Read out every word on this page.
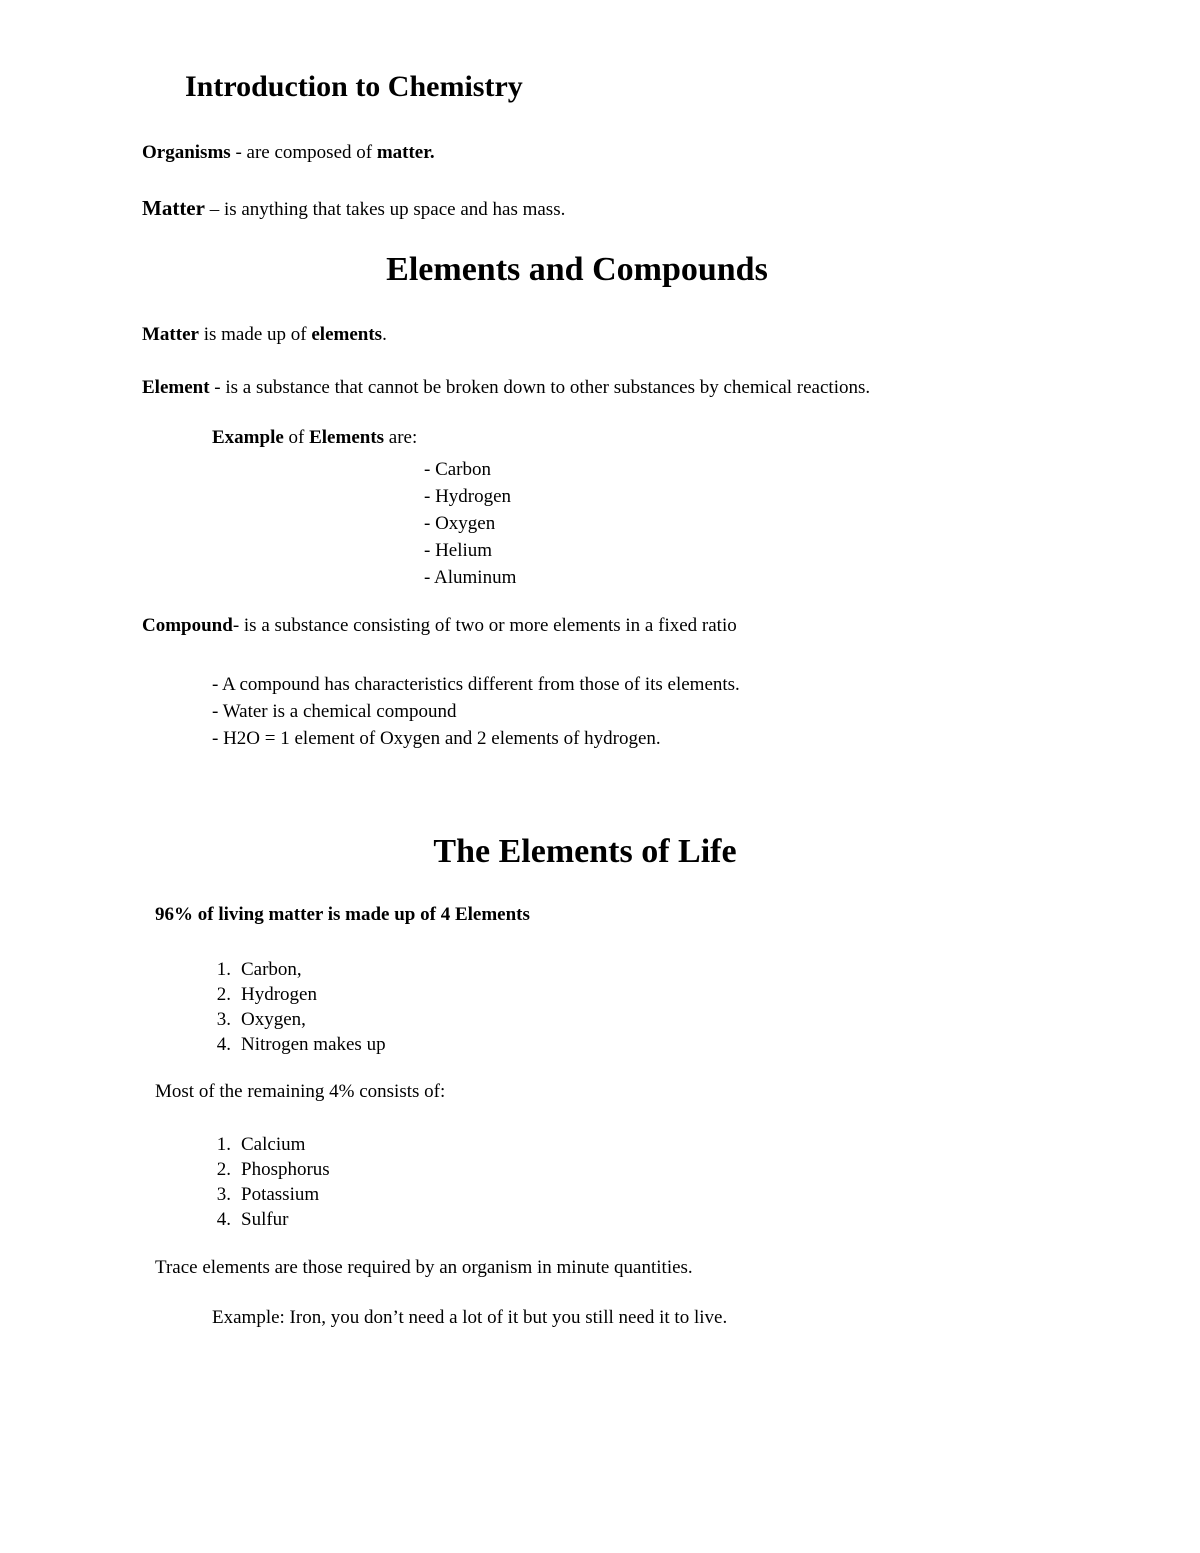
Introduction to Chemistry
Organisms - are composed of matter.
Matter – is anything that takes up space and has mass.
Elements and Compounds
Matter is made up of elements.
Element - is a substance that cannot be broken down to other substances by chemical reactions.
Example of Elements are:
- Carbon
- Hydrogen
- Oxygen
- Helium
- Aluminum
Compound- is a substance consisting of two or more elements in a fixed ratio
- A compound has characteristics different from those of its elements.
- Water is a chemical compound
- H2O = 1 element of Oxygen and 2 elements of hydrogen.
The Elements of Life
96% of living matter is made up of 4 Elements
1. Carbon,
2. Hydrogen
3. Oxygen,
4. Nitrogen makes up
Most of the remaining 4% consists of:
1. Calcium
2. Phosphorus
3. Potassium
4. Sulfur
Trace elements are those required by an organism in minute quantities.
Example: Iron, you don’t need a lot of it but you still need it to live.
